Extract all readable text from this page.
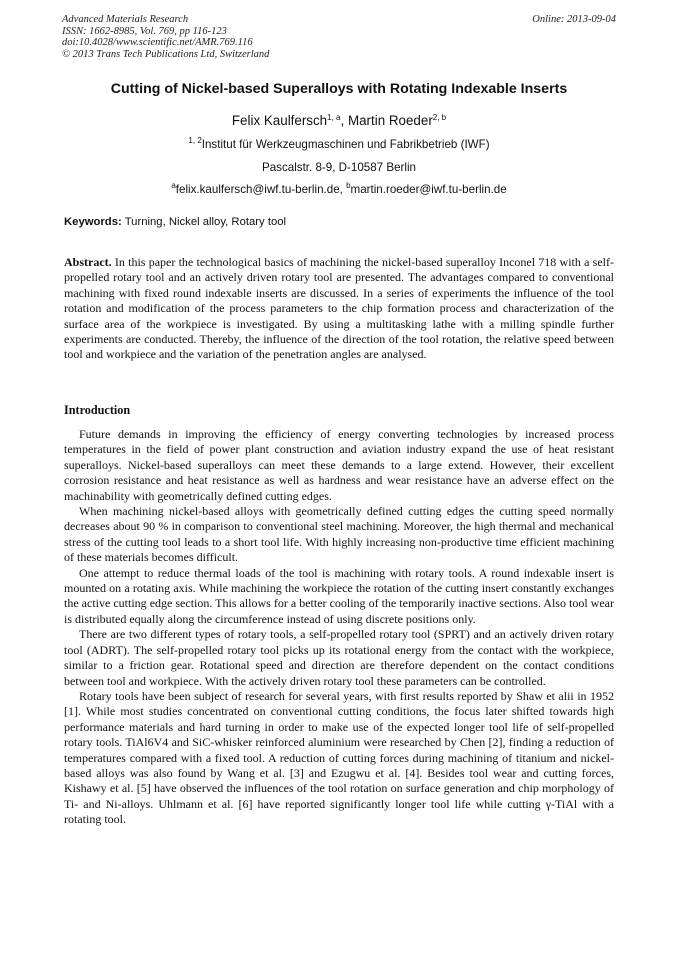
Advanced Materials Research
ISSN: 1662-8985, Vol. 769, pp 116-123
doi:10.4028/www.scientific.net/AMR.769.116
© 2013 Trans Tech Publications Ltd, Switzerland
Online: 2013-09-04
Cutting of Nickel-based Superalloys with Rotating Indexable Inserts
Felix Kaulfersch$^{1, a}$, Martin Roeder$^{2, b}$
$^{1, 2}$Institut für Werkzeugmaschinen und Fabrikbetrieb (IWF)
Pascalstr. 8-9, D-10587 Berlin
$^a$felix.kaulfersch@iwf.tu-berlin.de, $^b$martin.roeder@iwf.tu-berlin.de
Keywords: Turning, Nickel alloy, Rotary tool

Abstract. In this paper the technological basics of machining the nickel-based superalloy Inconel 718 with a self-propelled rotary tool and an actively driven rotary tool are presented. The advantages compared to conventional machining with fixed round indexable inserts are discussed. In a series of experiments the influence of the tool rotation and modification of the process parameters to the chip formation process and characterization of the surface area of the workpiece is investigated. By using a multitasking lathe with a milling spindle further experiments are conducted. Thereby, the influence of the direction of the tool rotation, the relative speed between tool and workpiece and the variation of the penetration angles are analysed.

Introduction

Future demands in improving the efficiency of energy converting technologies by increased process temperatures in the field of power plant construction and aviation industry expand the use of heat resistant superalloys. Nickel-based superalloys can meet these demands to a large extend. However, their excellent corrosion resistance and heat resistance as well as hardness and wear resistance have an adverse effect on the machinability with geometrically defined cutting edges.

When machining nickel-based alloys with geometrically defined cutting edges the cutting speed normally decreases about 90 % in comparison to conventional steel machining. Moreover, the high thermal and mechanical stress of the cutting tool leads to a short tool life. With highly increasing non-productive time efficient machining of these materials becomes difficult.

One attempt to reduce thermal loads of the tool is machining with rotary tools. A round indexable insert is mounted on a rotating axis. While machining the workpiece the rotation of the cutting insert constantly exchanges the active cutting edge section. This allows for a better cooling of the temporarily inactive sections. Also tool wear is distributed equally along the circumference instead of using discrete positions only.

There are two different types of rotary tools, a self-propelled rotary tool (SPRT) and an actively driven rotary tool (ADRT). The self-propelled rotary tool picks up its rotational energy from the contact with the workpiece, similar to a friction gear. Rotational speed and direction are therefore dependent on the contact conditions between tool and workpiece. With the actively driven rotary tool these parameters can be controlled.

Rotary tools have been subject of research for several years, with first results reported by Shaw et alii in 1952 [1]. While most studies concentrated on conventional cutting conditions, the focus later shifted towards high performance materials and hard turning in order to make use of the expected longer tool life of self-propelled rotary tools. TiAl6V4 and SiC-whisker reinforced aluminium were researched by Chen [2], finding a reduction of temperatures compared with a fixed tool. A reduction of cutting forces during machining of titanium and nickel-based alloys was also found by Wang et al. [3] and Ezugwu et al. [4]. Besides tool wear and cutting forces, Kishawy et al. [5] have observed the influences of the tool rotation on surface generation and chip morphology of Ti- and Ni-alloys. Uhlmann et al. [6] have reported significantly longer tool life while cutting γ-TiAl with a rotating tool.
